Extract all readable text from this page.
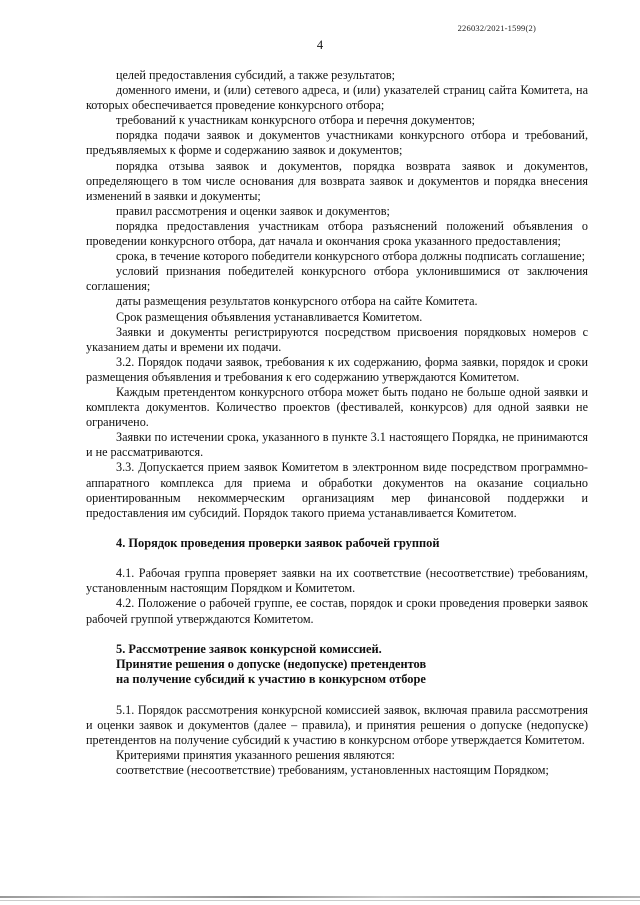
226032/2021-1599(2)
4

целей предоставления субсидий, а также результатов;

доменного имени, и (или) сетевого адреса, и (или) указателей страниц сайта Комитета, на которых обеспечивается проведение конкурсного отбора;

требований к участникам конкурсного отбора и перечня документов;

порядка подачи заявок и документов участниками конкурсного отбора и требований, предъявляемых к форме и содержанию заявок и документов;

порядка отзыва заявок и документов, порядка возврата заявок и документов, определяющего в том числе основания для возврата заявок и документов и порядка внесения изменений в заявки и документы;

правил рассмотрения и оценки заявок и документов;

порядка предоставления участникам отбора разъяснений положений объявления о проведении конкурсного отбора, дат начала и окончания срока указанного предоставления;

срока, в течение которого победители конкурсного отбора должны подписать соглашение;

условий признания победителей конкурсного отбора уклонившимися от заключения соглашения;

даты размещения результатов конкурсного отбора на сайте Комитета.

Срок размещения объявления устанавливается Комитетом.

Заявки и документы регистрируются посредством присвоения порядковых номеров с указанием даты и времени их подачи.

3.2. Порядок подачи заявок, требования к их содержанию, форма заявки, порядок и сроки размещения объявления и требования к его содержанию утверждаются Комитетом.

Каждым претендентом конкурсного отбора может быть подано не больше одной заявки и комплекта документов. Количество проектов (фестивалей, конкурсов) для одной заявки не ограничено.

Заявки по истечении срока, указанного в пункте 3.1 настоящего Порядка, не принимаются и не рассматриваются.

3.3. Допускается прием заявок Комитетом в электронном виде посредством программно-аппаратного комплекса для приема и обработки документов на оказание социально ориентированным некоммерческим организациям мер финансовой поддержки и предоставления им субсидий. Порядок такого приема устанавливается Комитетом.

4. Порядок проведения проверки заявок рабочей группой

4.1. Рабочая группа проверяет заявки на их соответствие (несоответствие) требованиям, установленным настоящим Порядком и Комитетом.

4.2. Положение о рабочей группе, ее состав, порядок и сроки проведения проверки заявок рабочей группой утверждаются Комитетом.

5. Рассмотрение заявок конкурсной комиссией.

Принятие решения о допуске (недопуске) претендентов

на получение субсидий к участию в конкурсном отборе

5.1. Порядок рассмотрения конкурсной комиссией заявок, включая правила рассмотрения и оценки заявок и документов (далее – правила), и принятия решения о допуске (недопуске) претендентов на получение субсидий к участию в конкурсном отборе утверждается Комитетом.

Критериями принятия указанного решения являются:

соответствие (несоответствие) требованиям, установленных настоящим Порядком;
